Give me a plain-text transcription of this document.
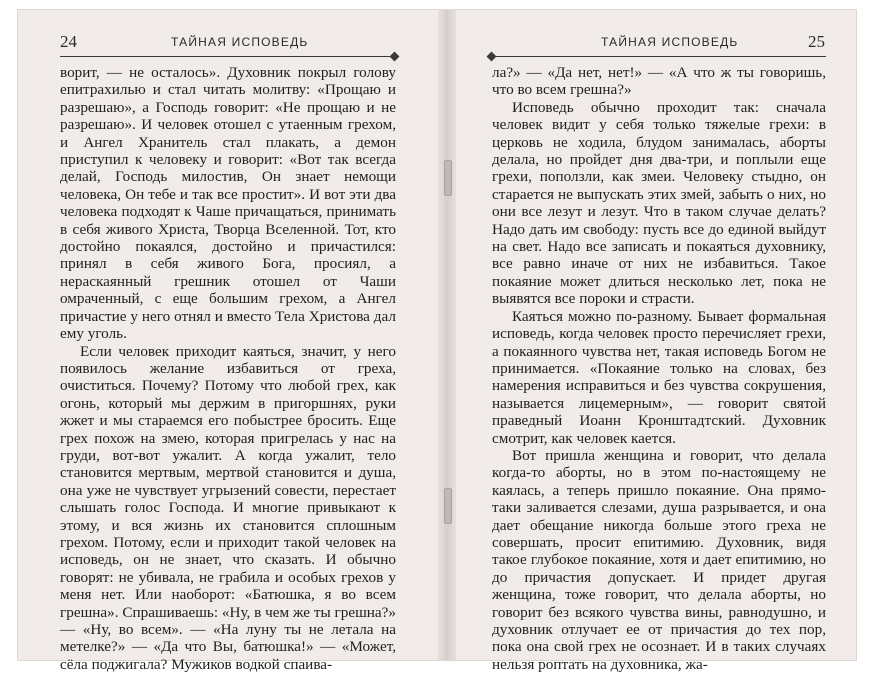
24	ТАЙНАЯ ИСПОВЕДЬ

ворит, — не осталось». Духовник покрыл голову епитрахилью и стал читать молитву: «Прощаю и разрешаю», а Господь говорит: «Не прощаю и не разрешаю». И человек отошел с утаенным грехом, и Ангел Хранитель стал плакать, а демон приступил к человеку и говорит: «Вот так всегда делай, Господь милостив, Он знает немощи человека, Он тебе и так все простит». И вот эти два человека подходят к Чаше причащаться, принимать в себя живого Христа, Творца Вселенной. Тот, кто достойно покаялся, достойно и причастился: принял в себя живого Бога, просиял, а нераскаянный грешник отошел от Чаши омраченный, с еще большим грехом, а Ангел причастие у него отнял и вместо Тела Христова дал ему уголь.

Если человек приходит каяться, значит, у него появилось желание избавиться от греха, очиститься. Почему? Потому что любой грех, как огонь, который мы держим в пригоршнях, руки жжет и мы стараемся его побыстрее бросить. Еще грех похож на змею, которая пригрелась у нас на груди, вот-вот ужалит. А когда ужалит, тело становится мертвым, мертвой становится и душа, она уже не чувствует угрызений совести, перестает слышать голос Господа. И многие привыкают к этому, и вся жизнь их становится сплошным грехом. Потому, если и приходит такой человек на исповедь, он не знает, что сказать. И обычно говорят: не убивала, не грабила и особых грехов у меня нет. Или наоборот: «Батюшка, я во всем грешна». Спрашиваешь: «Ну, в чем же ты грешна?» — «Ну, во всем». — «На луну ты не летала на метелке?» — «Да что Вы, батюшка!» — «Может, сёла поджигала? Мужиков водкой спаива-

ТАЙНАЯ ИСПОВЕДЬ	25

ла?» — «Да нет, нет!» — «А что ж ты говоришь, что во всем грешна?»

Исповедь обычно проходит так: сначала человек видит у себя только тяжелые грехи: в церковь не ходила, блудом занималась, аборты делала, но пройдет дня два-три, и поплыли еще грехи, поползли, как змеи. Человеку стыдно, он старается не выпускать этих змей, забыть о них, но они все лезут и лезут. Что в таком случае делать? Надо дать им свободу: пусть все до единой выйдут на свет. Надо все записать и покаяться духовнику, все равно иначе от них не избавиться. Такое покаяние может длиться несколько лет, пока не выявятся все пороки и страсти.

Каяться можно по-разному. Бывает формальная исповедь, когда человек просто перечисляет грехи, а покаянного чувства нет, такая исповедь Богом не принимается. «Покаяние только на словах, без намерения исправиться и без чувства сокрушения, называется лицемерным», — говорит святой праведный Иоанн Кронштадтский. Духовник смотрит, как человек кается.

Вот пришла женщина и говорит, что делала когда-то аборты, но в этом по-настоящему не каялась, а теперь пришло покаяние. Она прямо-таки заливается слезами, душа разрывается, и она дает обещание никогда больше этого греха не совершать, просит епитимию. Духовник, видя такое глубокое покаяние, хотя и дает епитимию, но до причастия допускает. И придет другая женщина, тоже говорит, что делала аборты, но говорит без всякого чувства вины, равнодушно, и духовник отлучает ее от причастия до тех пор, пока она свой грех не осознает. И в таких случаях нельзя роптать на духовника, жа-
